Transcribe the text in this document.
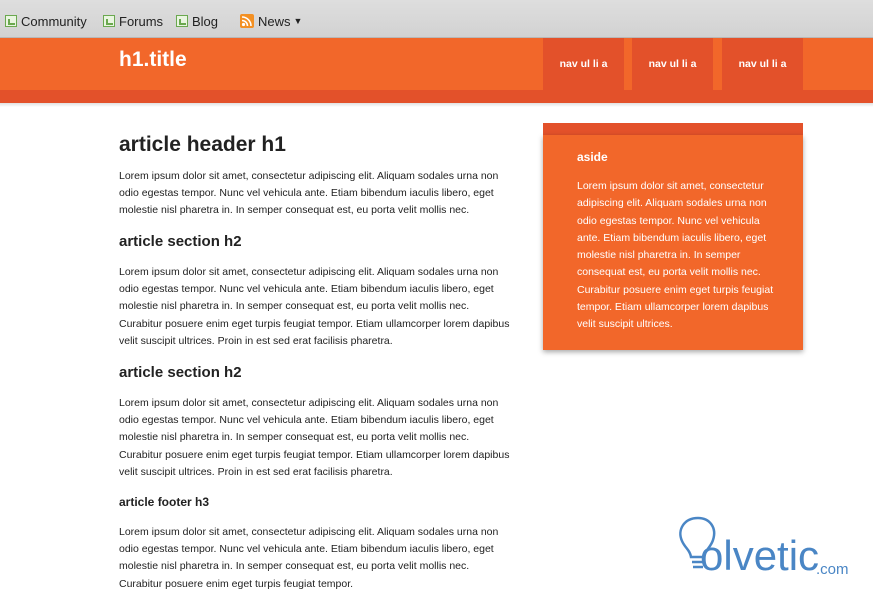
Community Forums Blog	News ▼
h1.title	nav ul li a	nav ul li a	nav ul li a
article header h1

Lorem ipsum dolor sit amet, consectetur adipiscing elit. Aliquam sodales urna non odio egestas tempor. Nunc vel vehicula ante. Etiam bibendum iaculis libero, eget molestie nisl pharetra in. In semper consequat est, eu porta velit mollis nec.

article section h2

Lorem ipsum dolor sit amet, consectetur adipiscing elit. Aliquam sodales urna non odio egestas tempor. Nunc vel vehicula ante. Etiam bibendum iaculis libero, eget molestie nisl pharetra in. In semper consequat est, eu porta velit mollis nec. Curabitur posuere enim eget turpis feugiat tempor. Etiam ullamcorper lorem dapibus velit suscipit ultrices. Proin in est sed erat facilisis pharetra.

article section h2

Lorem ipsum dolor sit amet, consectetur adipiscing elit. Aliquam sodales urna non odio egestas tempor. Nunc vel vehicula ante. Etiam bibendum iaculis libero, eget molestie nisl pharetra in. In semper consequat est, eu porta velit mollis nec. Curabitur posuere enim eget turpis feugiat tempor. Etiam ullamcorper lorem dapibus velit suscipit ultrices. Proin in est sed erat facilisis pharetra.

article footer h3

Lorem ipsum dolor sit amet, consectetur adipiscing elit. Aliquam sodales urna non odio egestas tempor. Nunc vel vehicula ante. Etiam bibendum iaculis libero, eget molestie nisl pharetra in. In semper consequat est, eu porta velit mollis nec. Curabitur posuere enim eget turpis feugiat tempor.

aside

Lorem ipsum dolor sit amet, consectetur adipiscing elit. Aliquam sodales urna non odio egestas tempor. Nunc vel vehicula ante. Etiam bibendum iaculis libero, eget molestie nisl pharetra in. In semper consequat est, eu porta velit mollis nec. Curabitur posuere enim eget turpis feugiat tempor. Etiam ullamcorper lorem dapibus velit suscipit ultrices.

olvetic
.com
